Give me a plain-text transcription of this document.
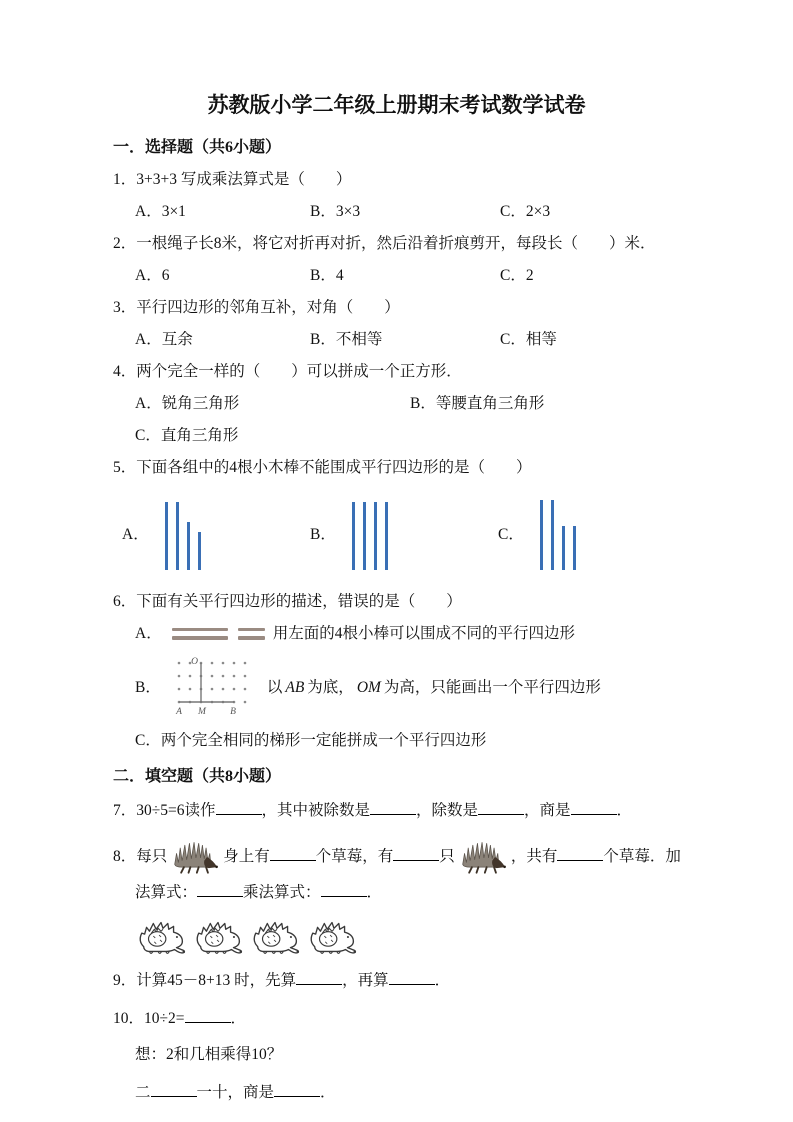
苏教版小学二年级上册期末考试数学试卷
一．选择题（共6小题）
1．3+3+3 写成乘法算式是（　　）
A．3×1	B．3×3	C．2×3
2．一根绳子长8米，将它对折再对折，然后沿着折痕剪开，每段长（　　）米．
A．6	B．4	C．2
3．平行四边形的邻角互补，对角（　　）
A．互余	B．不相等	C．相等
4．两个完全一样的（　　）可以拼成一个正方形．
A．锐角三角形	B．等腰直角三角形
C．直角三角形
5．下面各组中的4根小木棒不能围成平行四边形的是（　　）
A．	B．	C．
6．下面有关平行四边形的描述，错误的是（　　）
A．	用左面的4根小棒可以围成不同的平行四边形
B．
O
A M	B
以 AB 为底， OM 为高，只能画出一个平行四边形
C．两个完全相同的梯形一定能拼成一个平行四边形
二．填空题（共8小题）
7．30÷5=6读作	，其中被除数是	，除数是	，商是	．
8．每只	身上有	个草莓，有	只	，共有	个草莓．加
法算式：	乘法算式：	．
9．计算45－8+13 时，先算	，再算	．
10．10÷2=	．
想：2和几相乘得10？
二	一十，商是	．
